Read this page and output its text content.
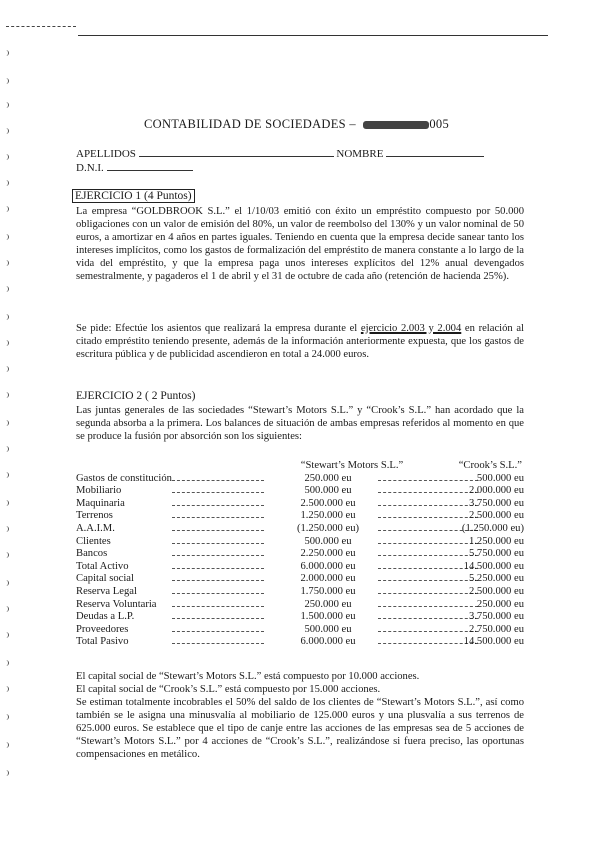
CONTABILIDAD DE SOCIEDADES –	005
APELLIDOS	NOMBRE
D.N.I.
EJERCICIO 1 (4 Puntos)
La empresa “GOLDBROOK S.L.” el 1/10/03 emitió con éxito un empréstito compuesto por 50.000 obligaciones con un valor de emisión del 80%, un valor de reembolso del 130% y un valor nominal de 50 euros, a amortizar en 4 años en partes iguales. Teniendo en cuenta que la empresa decide sanear tanto los intereses implícitos, como los gastos de formalización del empréstito de manera constante a lo largo de la vida del empréstito, y que la empresa paga unos intereses explícitos del 12% anual devengados semestralmente, y pagaderos el 1 de abril y el 31 de octubre de cada año (retención de hacienda 25%).
Se pide: Efectúe los asientos que realizará la empresa durante el ejercicio 2.003 y 2.004 en relación al citado empréstito teniendo presente, además de la información anteriormente expuesta, que los gastos de escritura pública y de publicidad ascendieron en total a 24.000 euros.
EJERCICIO 2 ( 2 Puntos)
Las juntas generales de las sociedades “Stewart’s Motors S.L.” y “Crook’s S.L.” han acordado que la segunda absorba a la primera. Los balances de situación de ambas empresas referidos al momento en que se produce la fusión por absorción son los siguientes:
“Stewart’s Motors S.L.”	“Crook’s S.L.”
Gastos de constitución	250.000 eu	500.000 eu
Mobiliario	500.000 eu	2.000.000 eu
Maquinaria	2.500.000 eu	3.750.000 eu
Terrenos	1.250.000 eu	2.500.000 eu
A.A.I.M.	(1.250.000 eu)	(1.250.000 eu)
Clientes	500.000 eu	1.250.000 eu
Bancos	2.250.000 eu	5.750.000 eu
Total Activo	6.000.000 eu	14.500.000 eu
Capital social	2.000.000 eu	5.250.000 eu
Reserva Legal	1.750.000 eu	2.500.000 eu
Reserva Voluntaria	250.000 eu	250.000 eu
Deudas a L.P.	1.500.000 eu	3.750.000 eu
Proveedores	500.000 eu	2.750.000 eu
Total Pasivo	6.000.000 eu	14.500.000 eu
El capital social de “Stewart’s Motors S.L.” está compuesto por 10.000 acciones.
El capital social de “Crook’s S.L.” está compuesto por 15.000 acciones.
Se estiman totalmente incobrables el 50% del saldo de los clientes de “Stewart’s Motors S.L.”, así como también se le asigna una minusvalía al mobiliario de 125.000 euros y una plusvalía a sus terrenos de 625.000 euros. Se establece que el tipo de canje entre las acciones de las empresas sea de 5 acciones de “Stewart’s Motors S.L.” por 4 acciones de “Crook’s S.L.”, realizándose si fuera preciso, las oportunas compensaciones en metálico.
